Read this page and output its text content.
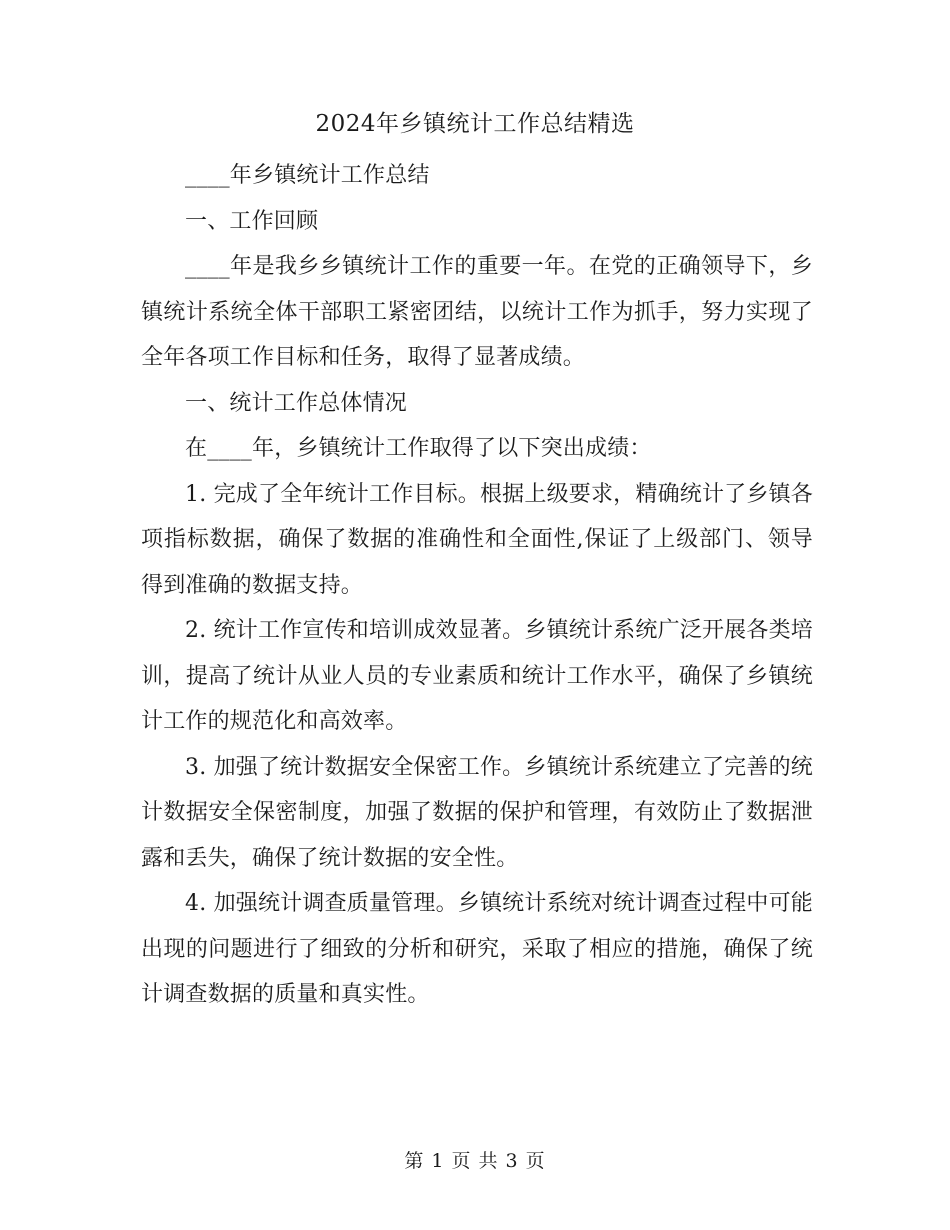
2024年乡镇统计工作总结精选

____年乡镇统计工作总结

一、工作回顾

____年是我乡乡镇统计工作的重要一年。在党的正确领导下，乡镇统计系统全体干部职工紧密团结，以统计工作为抓手，努力实现了全年各项工作目标和任务，取得了显著成绩。

一、统计工作总体情况

在____年，乡镇统计工作取得了以下突出成绩：

1. 完成了全年统计工作目标。根据上级要求，精确统计了乡镇各项指标数据，确保了数据的准确性和全面性,保证了上级部门、领导得到准确的数据支持。

2. 统计工作宣传和培训成效显著。乡镇统计系统广泛开展各类培训，提高了统计从业人员的专业素质和统计工作水平，确保了乡镇统计工作的规范化和高效率。

3. 加强了统计数据安全保密工作。乡镇统计系统建立了完善的统计数据安全保密制度，加强了数据的保护和管理，有效防止了数据泄露和丢失，确保了统计数据的安全性。

4. 加强统计调查质量管理。乡镇统计系统对统计调查过程中可能出现的问题进行了细致的分析和研究，采取了相应的措施，确保了统计调查数据的质量和真实性。

第 1 页 共 3 页
